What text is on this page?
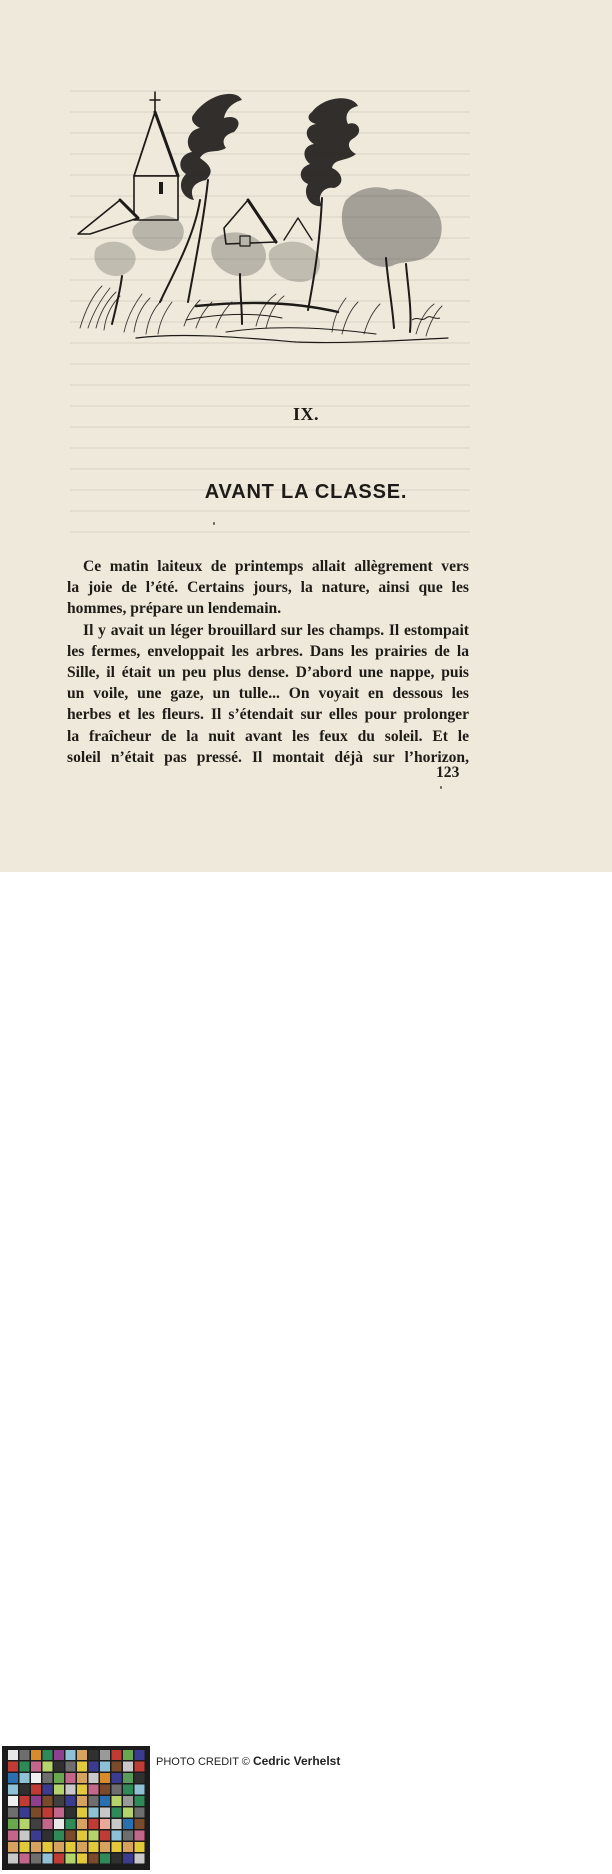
IX.
AVANT LA CLASSE.
Ce matin laiteux de printemps allait allègrement vers
la joie de l’été. Certains jours, la nature, ainsi que les
hommes, prépare un lendemain.
Il y avait un léger brouillard sur les champs. Il estompait
les fermes, enveloppait les arbres. Dans les prairies de la
Sille, il était un peu plus dense. D’abord une nappe, puis
un voile, une gaze, un tulle... On voyait en dessous les
herbes et les fleurs. Il s’étendait sur elles pour prolonger
la fraîcheur de la nuit avant les feux du soleil. Et le
soleil n’était pas pressé. Il montait déjà sur l’horizon,
123
PHOTO CREDIT © Cedric Verhelst
